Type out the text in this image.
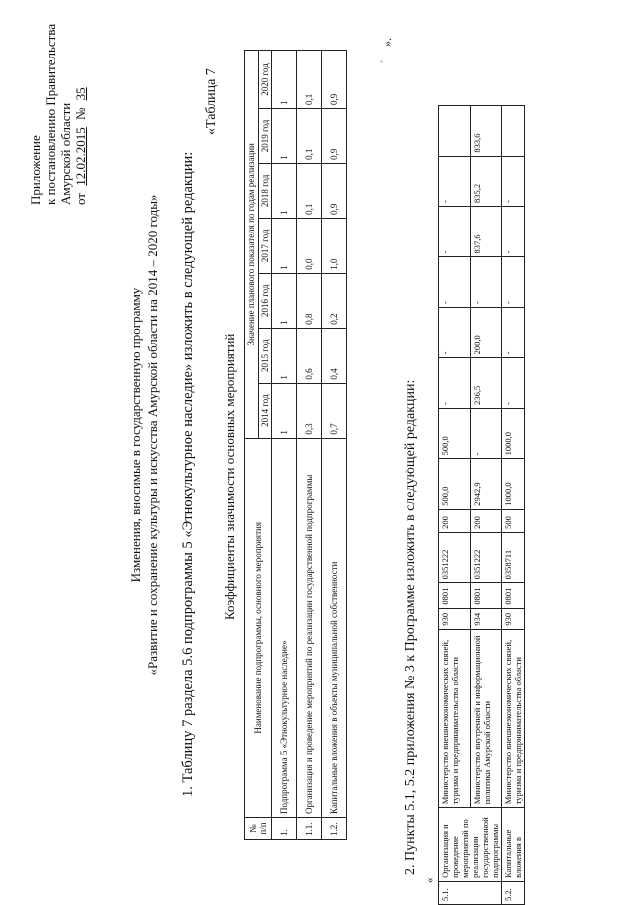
Приложение к постановлению Правительства Амурской области от 12.02.2015 № 35
Изменения, вносимые в государственную программу «Развитие и сохранение культуры и искусства Амурской области на 2014 – 2020 годы» 1. Таблицу 7 раздела 5.6 подпрограммы 5 «Этнокультурное наследие» изложить в следующей редакции:
«Таблица 7
Коэффициенты значимости основных мероприятий
№ п/п	Наименование подпрограммы, основного мероприятия	Значение планового показателя по годам реализации						
		2014 год	2015 год	2016 год	2017 год	2018 год	2019 год	2020 год
1.	Подпрограмма 5 «Этнокультурное наследие»	1	1	1	1	1	1	1
1.1.	Организация и проведение мероприятий по реализации государственной подпрограммы	0,3	0,6	0,8	0,0	0,1	0,1	0,1
1.2.	Капитальные вложения в объекты муниципальной собственности	0,7	0,4	0,2	1,0	0,9	0,9	0,9
».
2. Пункты 5.1, 5.2 приложения № 3 к Программе изложить в следующей редакции:
«
5.1.	Организация и проведение мероприятий по реализации государственной подпрограммы	Министерство внешнеэкономических связей, туризма и предпринимательства области	930	0801	0351222	200	500,0	500,0	-	-	-	-	-	
		Министерство внутренней и информационной политики Амурской области	934	0801	0351222	200	2942,9	-	236,5	200,0	-	837,6	835,2	833,6
5.2.	Капитальные вложения в	Министерство внешнеэкономических связей, туризма и предпринимательства области	930	0801	0358711	500	1000,0	1000,0	-	-	-	-	-	
